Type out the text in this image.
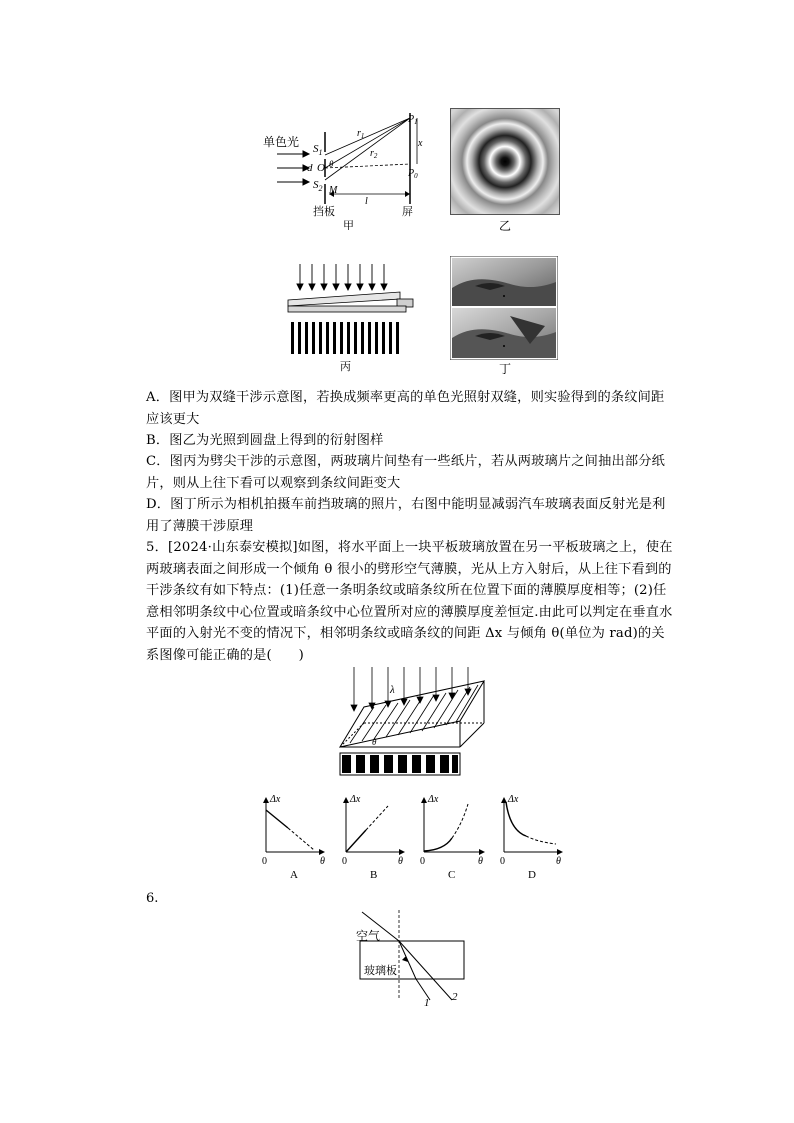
单色光 $S_1$
$S_2$
O θ
d
M
$r_1$
$r_2$
$P_1$
$P_0$
x
l
挡板	屏
甲	乙
丙	丁
A．图甲为双缝干涉示意图，若换成频率更高的单色光照射双缝，则实验得到的条纹间距应该更大
B．图乙为光照到圆盘上得到的衍射图样
C．图丙为劈尖干涉的示意图，两玻璃片间垫有一些纸片，若从两玻璃片之间抽出部分纸片，则从上往下看可以观察到条纹间距变大
D．图丁所示为相机拍摄车前挡玻璃的照片，右图中能明显减弱汽车玻璃表面反射光是利用了薄膜干涉原理
5．[2024·山东泰安模拟]如图，将水平面上一块平板玻璃放置在另一平板玻璃之上，使在两玻璃表面之间形成一个倾角 θ 很小的劈形空气薄膜，光从上方入射后，从上往下看到的干涉条纹有如下特点：(1)任意一条明条纹或暗条纹所在位置下面的薄膜厚度相等；(2)任意相邻明条纹中心位置或暗条纹中心位置所对应的薄膜厚度差恒定.由此可以判定在垂直水平面的入射光不变的情况下，相邻明条纹或暗条纹的间距 Δx 与倾角 θ(单位为 rad)的关系图像可能正确的是(　　)
λ
θ
Δx
θ
0
A
Δx
θ
0
B
Δx
θ
0
C
Δx
θ
0
D
6.
空气
玻璃板
1 2
